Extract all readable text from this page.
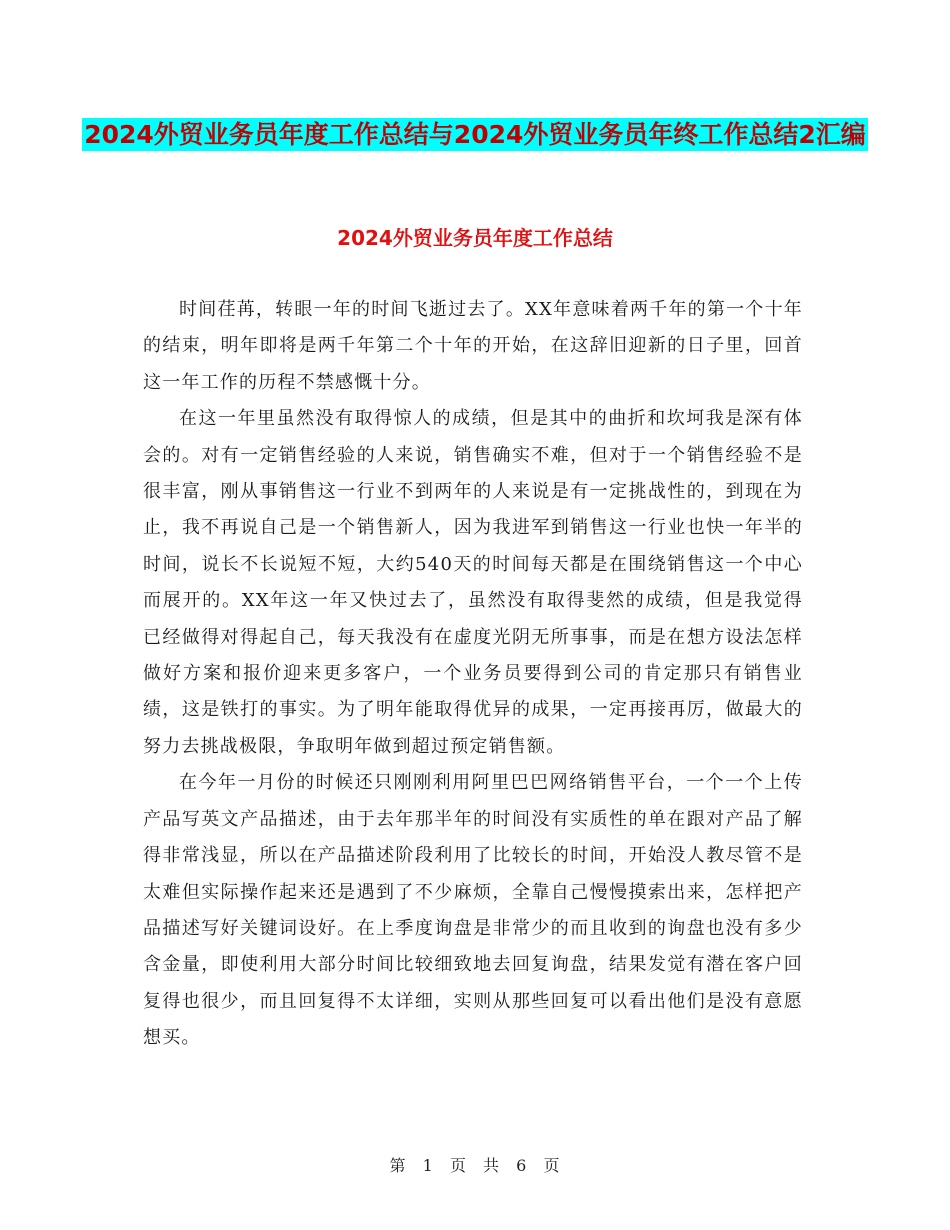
2024外贸业务员年度工作总结与2024外贸业务员年终工作总结2汇编
2024外贸业务员年度工作总结

时间荏苒，转眼一年的时间飞逝过去了。XX年意味着两千年的第一个十年的结束，明年即将是两千年第二个十年的开始，在这辞旧迎新的日子里，回首这一年工作的历程不禁感慨十分。

在这一年里虽然没有取得惊人的成绩，但是其中的曲折和坎坷我是深有体会的。对有一定销售经验的人来说，销售确实不难，但对于一个销售经验不是很丰富，刚从事销售这一行业不到两年的人来说是有一定挑战性的，到现在为止，我不再说自己是一个销售新人，因为我进军到销售这一行业也快一年半的时间，说长不长说短不短，大约540天的时间每天都是在围绕销售这一个中心而展开的。XX年这一年又快过去了，虽然没有取得斐然的成绩，但是我觉得已经做得对得起自己，每天我没有在虚度光阴无所事事，而是在想方设法怎样做好方案和报价迎来更多客户，一个业务员要得到公司的肯定那只有销售业绩，这是铁打的事实。为了明年能取得优异的成果，一定再接再厉，做最大的努力去挑战极限，争取明年做到超过预定销售额。

在今年一月份的时候还只刚刚利用阿里巴巴网络销售平台，一个一个上传产品写英文产品描述，由于去年那半年的时间没有实质性的单在跟对产品了解得非常浅显，所以在产品描述阶段利用了比较长的时间，开始没人教尽管不是太难但实际操作起来还是遇到了不少麻烦，全靠自己慢慢摸索出来，怎样把产品描述写好关键词设好。在上季度询盘是非常少的而且收到的询盘也没有多少含金量，即使利用大部分时间比较细致地去回复询盘，结果发觉有潜在客户回复得也很少，而且回复得不太详细，实则从那些回复可以看出他们是没有意愿想买。

第 1 页 共 6 页
